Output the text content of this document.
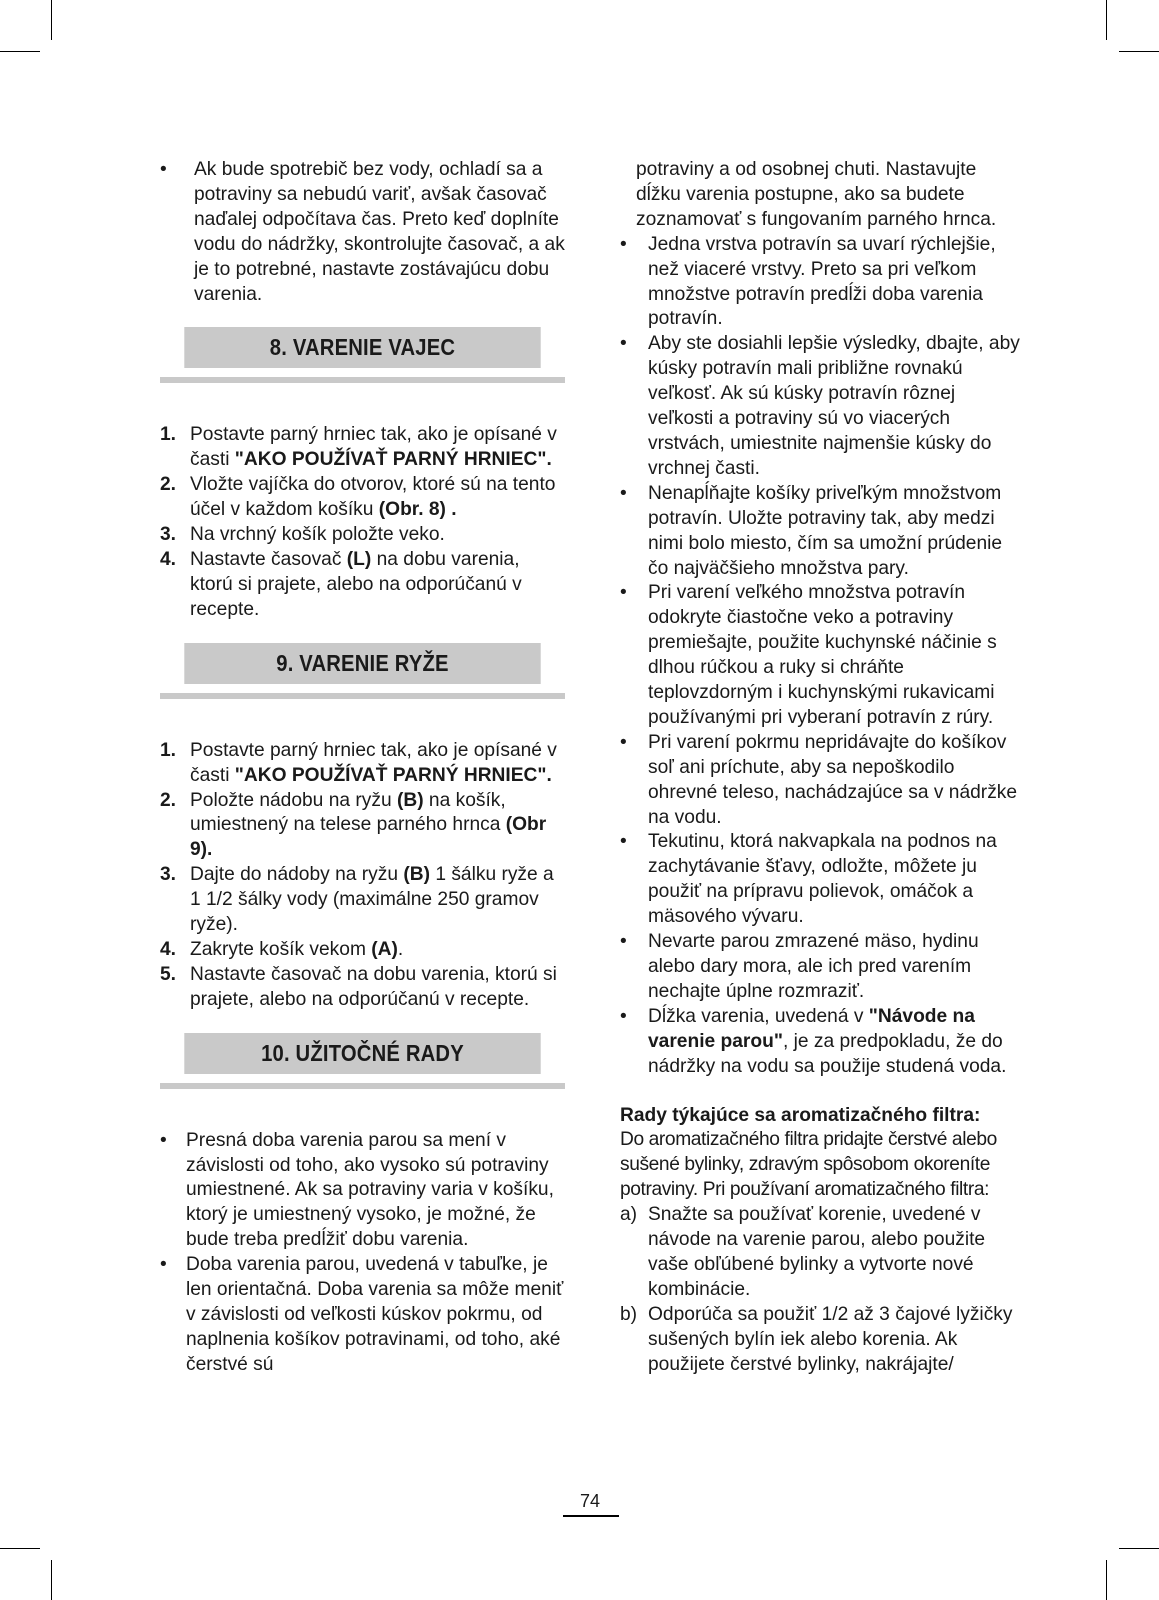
• Ak bude spotrebič bez vody, ochladí sa a potraviny sa nebudú variť, avšak časovač naďalej odpočítava čas. Preto keď doplníte vodu do nádržky, skontrolujte časovač, a ak je to potrebné, nastavte zostávajúcu dobu varenia.
8. VARENIE VAJEC
1. Postavte parný hrniec tak, ako je opísané v časti "AKO POUŽÍVAŤ PARNÝ HRNIEC".
2. Vložte vajíčka do otvorov, ktoré sú na tento účel v každom košíku (Obr. 8) .
3. Na vrchný košík položte veko.
4. Nastavte časovač (L) na dobu varenia, ktorú si prajete, alebo na odporúčanú v recepte.
9. VARENIE RYŽE
1. Postavte parný hrniec tak, ako je opísané v časti "AKO POUŽÍVAŤ PARNÝ HRNIEC".
2. Položte nádobu na ryžu (B) na košík, umiestnený na telese parného hrnca (Obr 9).
3. Dajte do nádoby na ryžu (B) 1 šálku ryže a 1 1/2 šálky vody (maximálne 250 gramov ryže).
4. Zakryte košík vekom (A).
5. Nastavte časovač na dobu varenia, ktorú si prajete, alebo na odporúčanú v recepte.
10. UŽITOČNÉ RADY
• Presná doba varenia parou sa mení v závislosti od toho, ako vysoko sú potraviny umiestnené. Ak sa potraviny varia v košíku, ktorý je umiestnený vysoko, je možné, že bude treba predĺžiť dobu varenia.
• Doba varenia parou, uvedená v tabuľke, je len orientačná. Doba varenia sa môže meniť v závislosti od veľkosti kúskov pokrmu, od naplnenia košíkov potravinami, od toho, aké čerstvé sú

potraviny a od osobnej chuti. Nastavujte dĺžku varenia postupne, ako sa budete zoznamovať s fungovaním parného hrnca.

• Jedna vrstva potravín sa uvarí rýchlejšie, než viaceré vrstvy. Preto sa pri veľkom množstve potravín predĺži doba varenia potravín.
• Aby ste dosiahli lepšie výsledky, dbajte, aby kúsky potravín mali približne rovnakú veľkosť. Ak sú kúsky potravín rôznej veľkosti a potraviny sú vo viacerých vrstvách, umiestnite najmenšie kúsky do vrchnej časti.
• Nenapĺňajte košíky priveľkým množstvom potravín. Uložte potraviny tak, aby medzi nimi bolo miesto, čím sa umožní prúdenie čo najväčšieho množstva pary.
• Pri varení veľkého množstva potravín odokryte čiastočne veko a potraviny premiešajte, použite kuchynské náčinie s dlhou rúčkou a ruky si chráňte teplovzdorným i kuchynskými rukavicami používanými pri vyberaní potravín z rúry.
• Pri varení pokrmu nepridávajte do košíkov soľ ani príchute, aby sa nepoškodilo ohrevné teleso, nachádzajúce sa v nádržke na vodu.
• Tekutinu, ktorá nakvapkala na podnos na zachytávanie šťavy, odložte, môžete ju použiť na prípravu polievok, omáčok a mäsového vývaru.
• Nevarte parou zmrazené mäso, hydinu alebo dary mora, ale ich pred varením nechajte úplne rozmraziť.
• Dĺžka varenia, uvedená v "Návode na varenie parou", je za predpokladu, že do nádržky na vodu sa použije studená voda.
Rady týkajúce sa aromatizačného filtra:

Do aromatizačného filtra pridajte čerstvé alebo sušené bylinky, zdravým spôsobom okoreníte potraviny. Pri používaní aromatizačného filtra:

a) Snažte sa používať korenie, uvedené v návode na varenie parou, alebo použite vaše obľúbené bylinky a vytvorte nové kombinácie.
b) Odporúča sa použiť 1/2 až 3 čajové lyžičky sušených bylín iek alebo korenia. Ak použijete čerstvé bylinky, nakrájajte/
74
